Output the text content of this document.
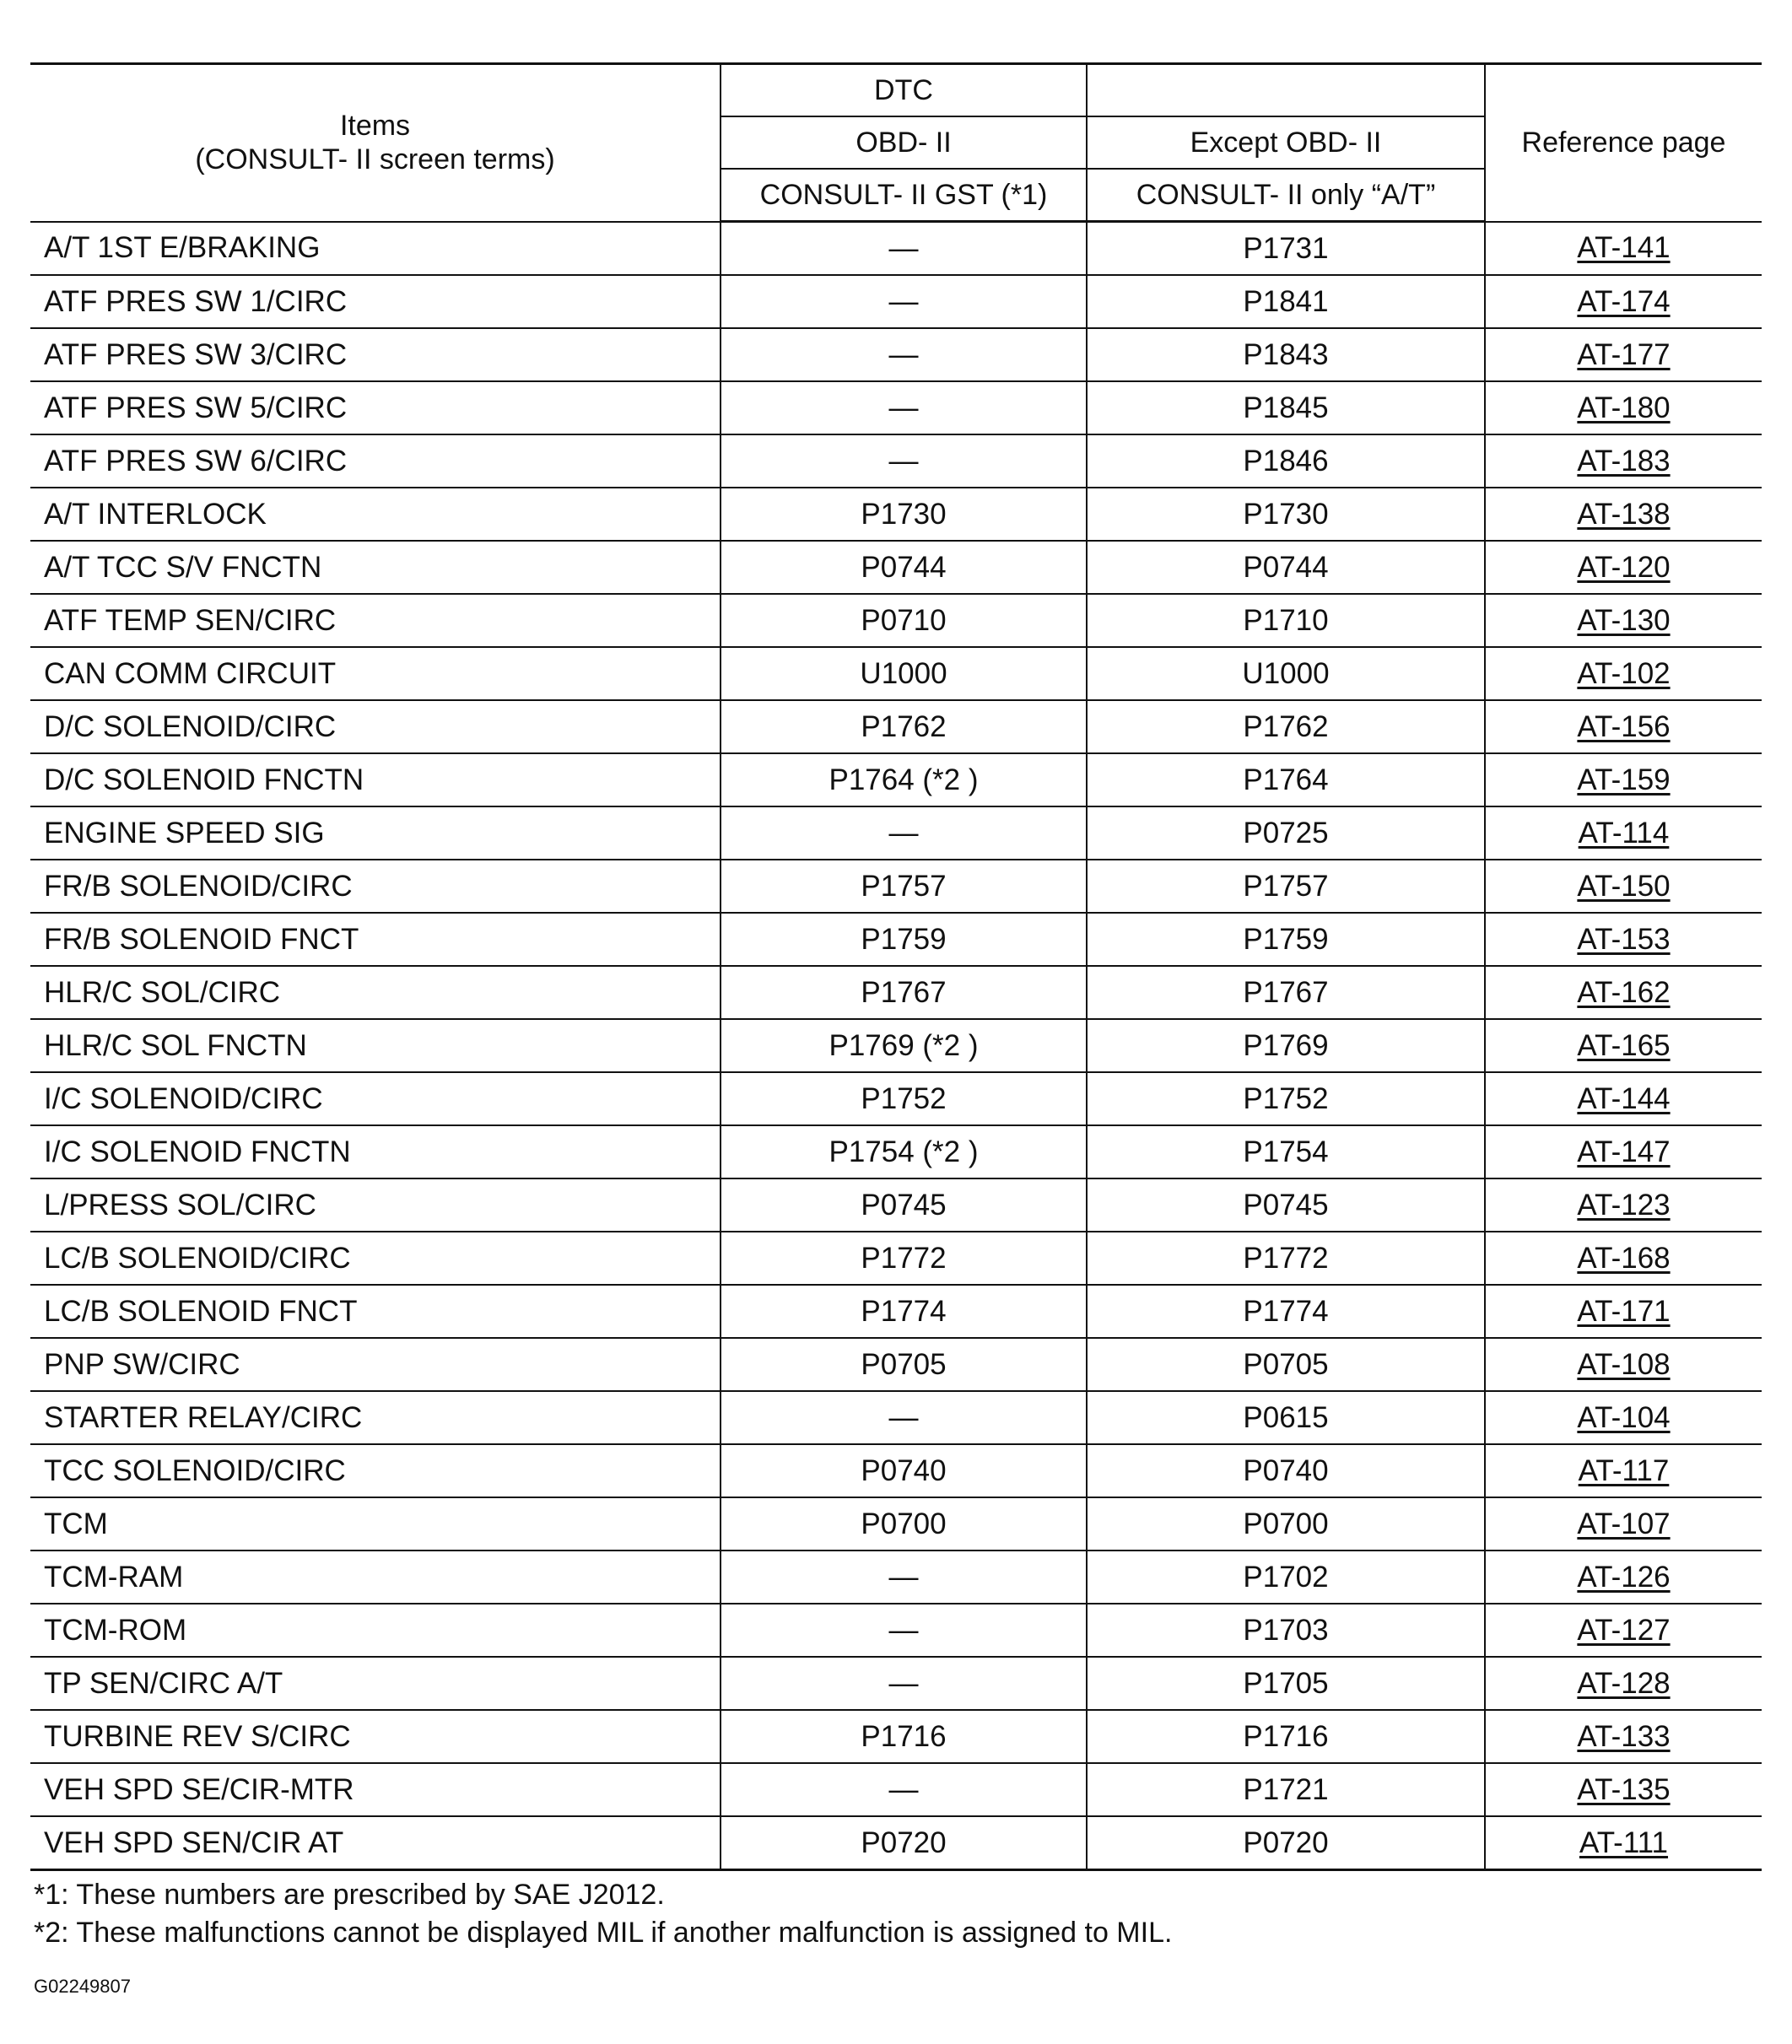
Items
(CONSULT- II screen terms)	DTC		Reference page
	OBD- II	Except OBD- II	
	CONSULT- II GST (*1)	CONSULT- II only “A/T”	
A/T 1ST E/BRAKING	—	P1731	AT-141
ATF PRES SW 1/CIRC	—	P1841	AT-174
ATF PRES SW 3/CIRC	—	P1843	AT-177
ATF PRES SW 5/CIRC	—	P1845	AT-180
ATF PRES SW 6/CIRC	—	P1846	AT-183
A/T INTERLOCK	P1730	P1730	AT-138
A/T TCC S/V FNCTN	P0744	P0744	AT-120
ATF TEMP SEN/CIRC	P0710	P1710	AT-130
CAN COMM CIRCUIT	U1000	U1000	AT-102
D/C SOLENOID/CIRC	P1762	P1762	AT-156
D/C SOLENOID FNCTN	P1764 (*2 )	P1764	AT-159
ENGINE SPEED SIG	—	P0725	AT-114
FR/B SOLENOID/CIRC	P1757	P1757	AT-150
FR/B SOLENOID FNCT	P1759	P1759	AT-153
HLR/C SOL/CIRC	P1767	P1767	AT-162
HLR/C SOL FNCTN	P1769 (*2 )	P1769	AT-165
I/C SOLENOID/CIRC	P1752	P1752	AT-144
I/C SOLENOID FNCTN	P1754 (*2 )	P1754	AT-147
L/PRESS SOL/CIRC	P0745	P0745	AT-123
LC/B SOLENOID/CIRC	P1772	P1772	AT-168
LC/B SOLENOID FNCT	P1774	P1774	AT-171
PNP SW/CIRC	P0705	P0705	AT-108
STARTER RELAY/CIRC	—	P0615	AT-104
TCC SOLENOID/CIRC	P0740	P0740	AT-117
TCM	P0700	P0700	AT-107
TCM-RAM	—	P1702	AT-126
TCM-ROM	—	P1703	AT-127
TP SEN/CIRC A/T	—	P1705	AT-128
TURBINE REV S/CIRC	P1716	P1716	AT-133
VEH SPD SE/CIR-MTR	—	P1721	AT-135
VEH SPD SEN/CIR AT	P0720	P0720	AT-111
*1: These numbers are prescribed by SAE J2012.
*2: These malfunctions cannot be displayed MIL if another malfunction is assigned to MIL.
G02249807
